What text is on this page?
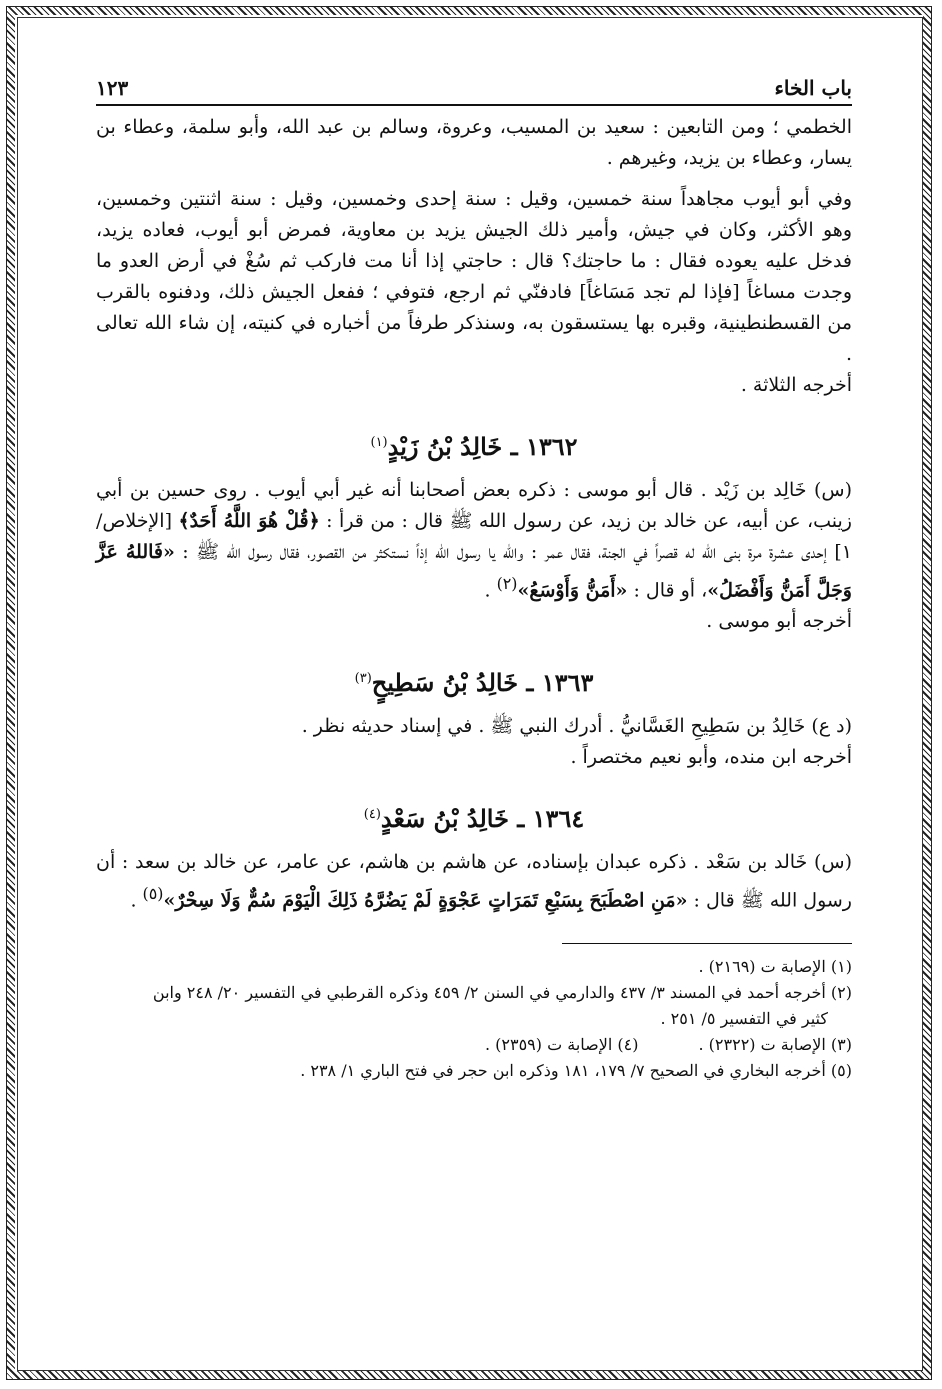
باب الخاء
١٢٣

الخطمي ؛ ومن التابعين : سعيد بن المسيب، وعروة، وسالم بن عبد الله، وأبو سلمة، وعطاء بن يسار، وعطاء بن يزيد، وغيرهم .

وفي أبو أيوب مجاهداً سنة خمسين، وقيل : سنة إحدى وخمسين، وقيل : سنة اثنتين وخمسين، وهو الأكثر، وكان في جيش، وأمير ذلك الجيش يزيد بن معاوية، فمرض أبو أيوب، فعاده يزيد، فدخل عليه يعوده فقال : ما حاجتك؟ قال : حاجتي إذا أنا مت فاركب ثم سُغْ في أرض العدو ما وجدت مساغاً [فإذا لم تجد مَسَاغاً] فادفنّي ثم ارجع، فتوفي ؛ ففعل الجيش ذلك، ودفنوه بالقرب من القسطنطينية، وقبره بها يستسقون به، وسنذكر طرفاً من أخباره في كنيته، إن شاء الله تعالى .

أخرجه الثلاثة .

١٣٦٢ ـ خَالِدُ بْنُ زَيْدٍ$^{(١)}$

(س) خَالِد بن زَيْد . قال أبو موسى : ذكره بعض أصحابنا أنه غير أبي أيوب . روى حسين بن أبي زينب، عن أبيه، عن خالد بن زيد، عن رسول الله ﷺ قال : من قرأ : ﴿قُلْ هُوَ اللَّهُ أَحَدٌ﴾ [الإخلاص/ ١] إحدى عشرة مرة بنى الله له قصراً في الجنة، فقال عمر : والله يا رسول الله إذاً نستكثر من القصور، فقال رسول الله ﷺ : «فَاللهُ عَزَّ وَجَلَّ أَمَنُّ وَأَفْضَلُ»، أو قال : «أَمَنُّ وَأَوْسَعُ»$^{(٢)}$ .

أخرجه أبو موسى .

١٣٦٣ ـ خَالِدُ بْنُ سَطِيحٍ$^{(٣)}$

(د ع) خَالِدُ بن سَطِيحِ الغَسَّانيُّ . أدرك النبي ﷺ . في إسناد حديثه نظر .

أخرجه ابن منده، وأبو نعيم مختصراً .

١٣٦٤ ـ خَالِدُ بْنُ سَعْدٍ$^{(٤)}$

(س) خَالد بن سَعْد . ذكره عبدان بإسناده، عن هاشم بن هاشم، عن عامر، عن خالد بن سعد : أن رسول الله ﷺ قال : «مَنِ اصْطَبَحَ بِسَبْعِ تَمَرَاتٍ عَجْوَةٍ لَمْ يَضُرَّهُ ذَلِكَ الْيَوْمَ سُمٌّ وَلَا سِحْرٌ»$^{(٥)}$ .

(١) الإصابة ت (٢١٦٩) .

(٢) أخرجه أحمد في المسند ٣/ ٤٣٧ والدارمي في السنن ٢/ ٤٥٩ وذكره القرطبي في التفسير ٢٠/ ٢٤٨ وابن

كثير في التفسير ٥/ ٢٥١ .

(٣) الإصابة ت (٢٣٢٢) .
(٤) الإصابة ت (٢٣٥٩) .

(٥) أخرجه البخاري في الصحيح ٧/ ١٧٩، ١٨١ وذكره ابن حجر في فتح الباري ١/ ٢٣٨ .
